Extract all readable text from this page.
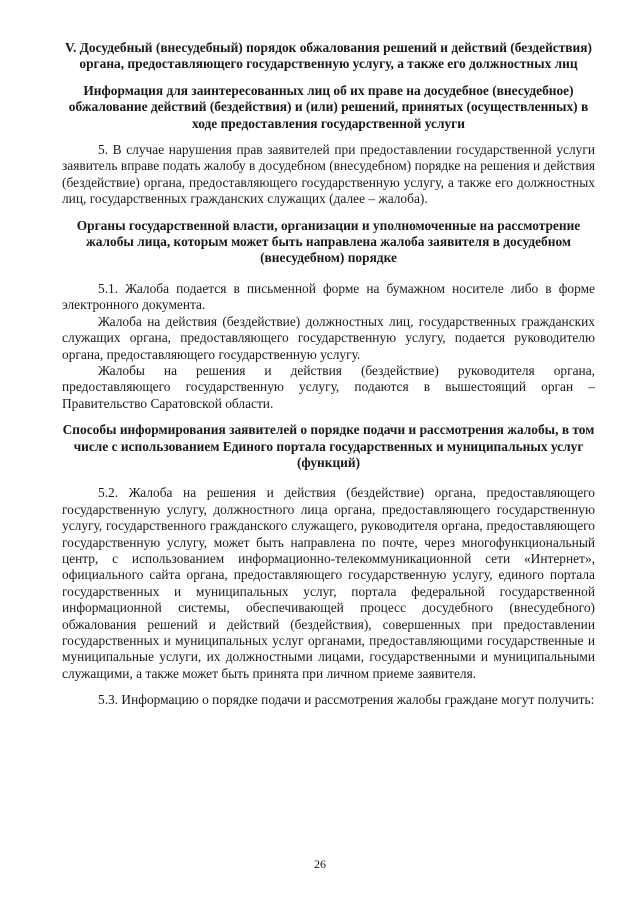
V. Досудебный (внесудебный) порядок обжалования решений и действий (бездействия) органа, предоставляющего государственную услугу, а также его должностных лиц
Информация для заинтересованных лиц об их праве на досудебное (внесудебное) обжалование действий (бездействия) и (или) решений, принятых (осуществленных) в ходе предоставления государственной услуги

5. В случае нарушения прав заявителей при предоставлении государственной услуги заявитель вправе подать жалобу в досудебном (внесудебном) порядке на решения и действия (бездействие) органа, предоставляющего государственную услугу, а также его должностных лиц, государственных гражданских служащих (далее – жалоба).

Органы государственной власти, организации и уполномоченные на рассмотрение жалобы лица, которым может быть направлена жалоба заявителя в досудебном (внесудебном) порядке

5.1. Жалоба подается в письменной форме на бумажном носителе либо в форме электронного документа.

Жалоба на действия (бездействие) должностных лиц, государственных гражданских служащих органа, предоставляющего государственную услугу, подается руководителю органа, предоставляющего государственную услугу.

Жалобы на решения и действия (бездействие) руководителя органа, предоставляющего государственную услугу, подаются в вышестоящий орган – Правительство Саратовской области.

Способы информирования заявителей о порядке подачи и рассмотрения жалобы, в том числе с использованием Единого портала государственных и муниципальных услуг (функций)

5.2. Жалоба на решения и действия (бездействие) органа, предоставляющего государственную услугу, должностного лица органа, предоставляющего государственную услугу, государственного гражданского служащего, руководителя органа, предоставляющего государственную услугу, может быть направлена по почте, через многофункциональный центр, с использованием информационно-телекоммуникационной сети «Интернет», официального сайта органа, предоставляющего государственную услугу, единого портала государственных и муниципальных услуг, портала федеральной государственной информационной системы, обеспечивающей процесс досудебного (внесудебного) обжалования решений и действий (бездействия), совершенных при предоставлении государственных и муниципальных услуг органами, предоставляющими государственные и муниципальные услуги, их должностными лицами, государственными и муниципальными служащими, а также может быть принята при личном приеме заявителя.

5.3. Информацию о порядке подачи и рассмотрения жалобы граждане могут получить:

26
